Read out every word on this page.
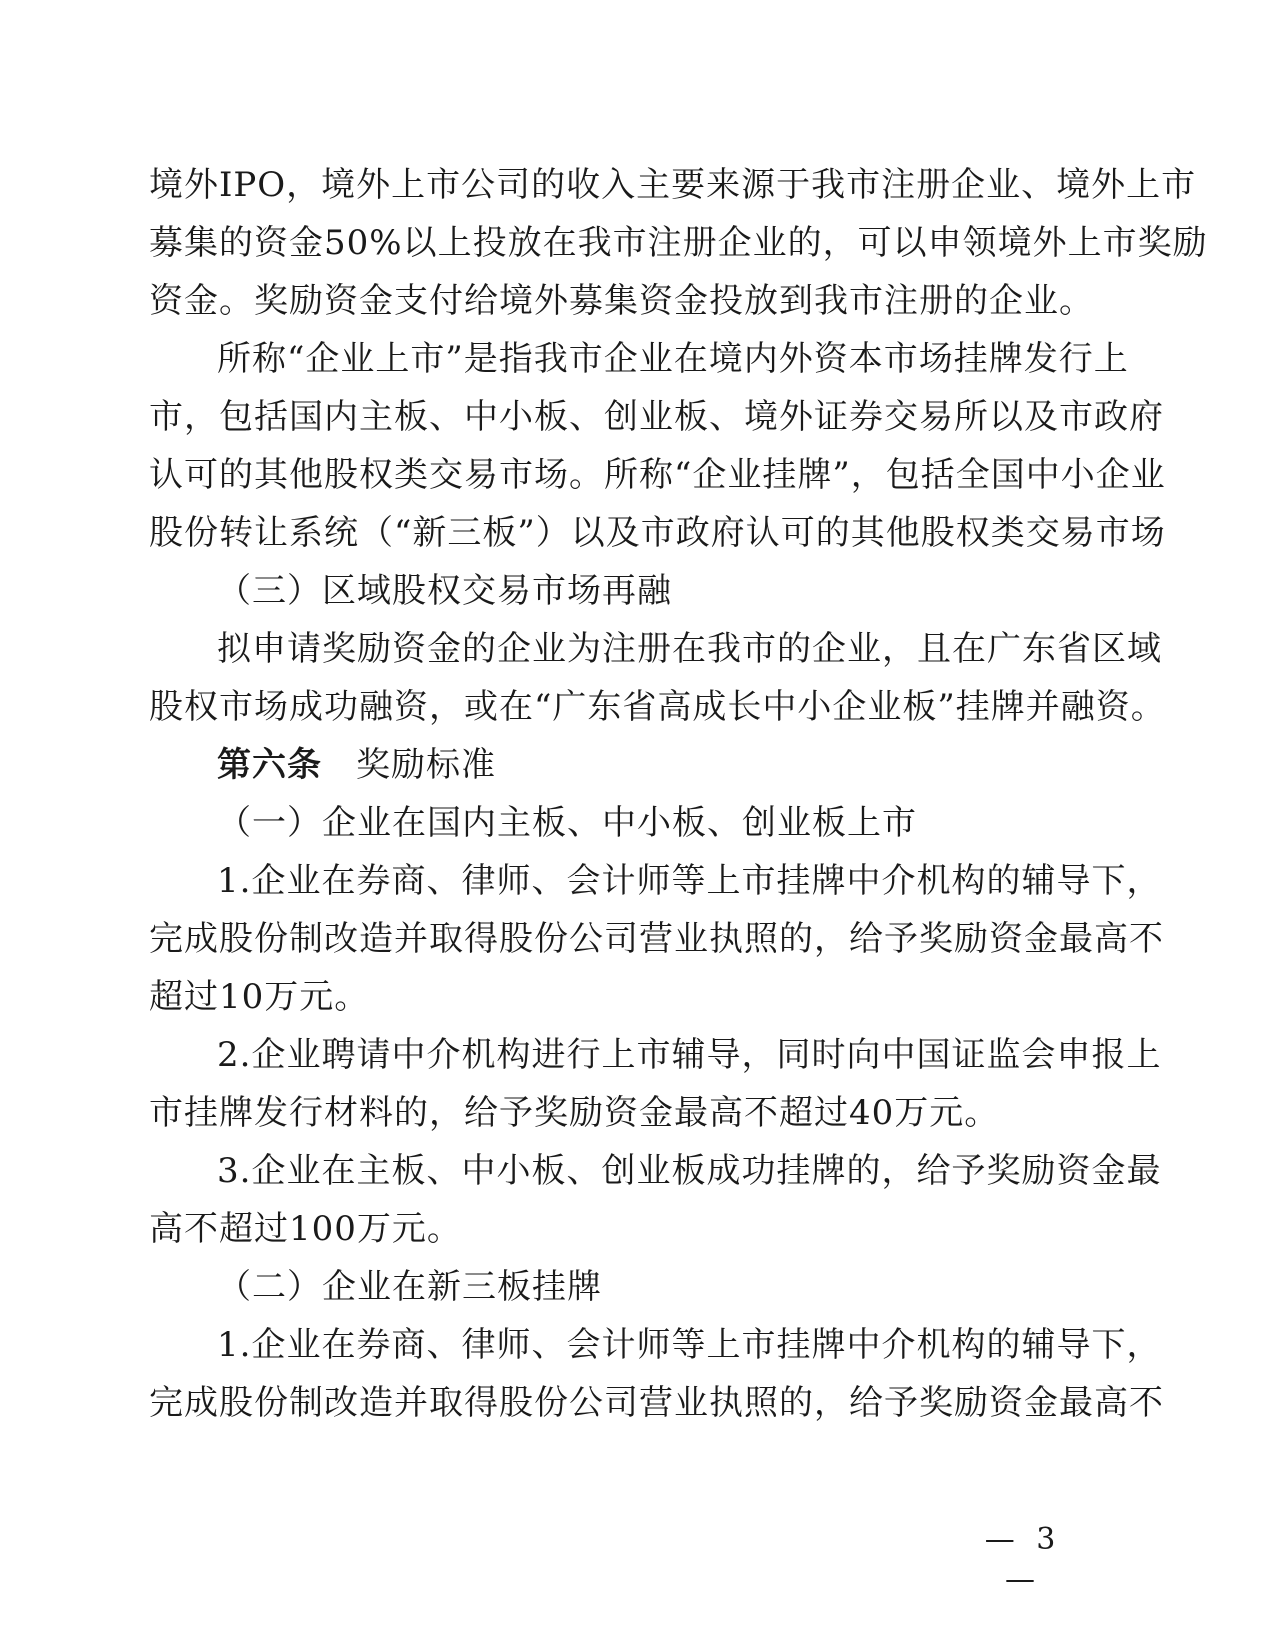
境外IPO，境外上市公司的收入主要来源于我市注册企业、境外上市
募集的资金50%以上投放在我市注册企业的，可以申领境外上市奖励
资金。奖励资金支付给境外募集资金投放到我市注册的企业。
所称“企业上市”是指我市企业在境内外资本市场挂牌发行上
市，包括国内主板、中小板、创业板、境外证券交易所以及市政府
认可的其他股权类交易市场。所称“企业挂牌”，包括全国中小企业
股份转让系统（“新三板”）以及市政府认可的其他股权类交易市场
（三）区域股权交易市场再融
拟申请奖励资金的企业为注册在我市的企业，且在广东省区域
股权市场成功融资，或在“广东省高成长中小企业板”挂牌并融资。
第六条 奖励标准
（一）企业在国内主板、中小板、创业板上市
1.企业在券商、律师、会计师等上市挂牌中介机构的辅导下，
完成股份制改造并取得股份公司营业执照的，给予奖励资金最高不
超过10万元。
2.企业聘请中介机构进行上市辅导，同时向中国证监会申报上
市挂牌发行材料的，给予奖励资金最高不超过40万元。
3.企业在主板、中小板、创业板成功挂牌的，给予奖励资金最
高不超过100万元。
（二）企业在新三板挂牌
1.企业在券商、律师、会计师等上市挂牌中介机构的辅导下，
完成股份制改造并取得股份公司营业执照的，给予奖励资金最高不
— 3 —
